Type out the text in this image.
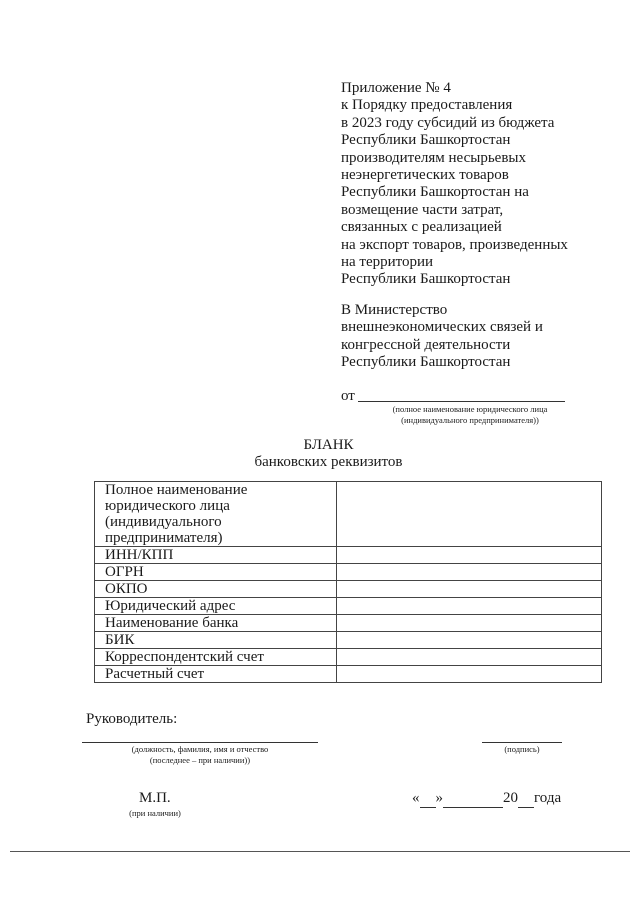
Приложение № 4
к Порядку предоставления
в 2023 году субсидий из бюджета
Республики Башкортостан
производителям несырьевых
неэнергетических товаров
Республики Башкортостан на
возмещение части затрат,
связанных с реализацией
на экспорт товаров, произведенных
на территории
Республики Башкортостан
В Министерство
внешнеэкономических связей и
конгрессной деятельности
Республики Башкортостан
от
(полное наименование юридического лица
(индивидуального предпринимателя))
БЛАНК
банковских реквизитов
Полное наименование юридического лица (индивидуального предпринимателя)	
ИНН/КПП	
ОГРН	
ОКПО	
Юридический адрес	
Наименование банка	
БИК	
Корреспондентский счет	
Расчетный счет	
Руководитель:
(должность, фамилия, имя и отчество
(последнее – при наличии))
(подпись)
М.П.
(при наличии)
« »	20 года
